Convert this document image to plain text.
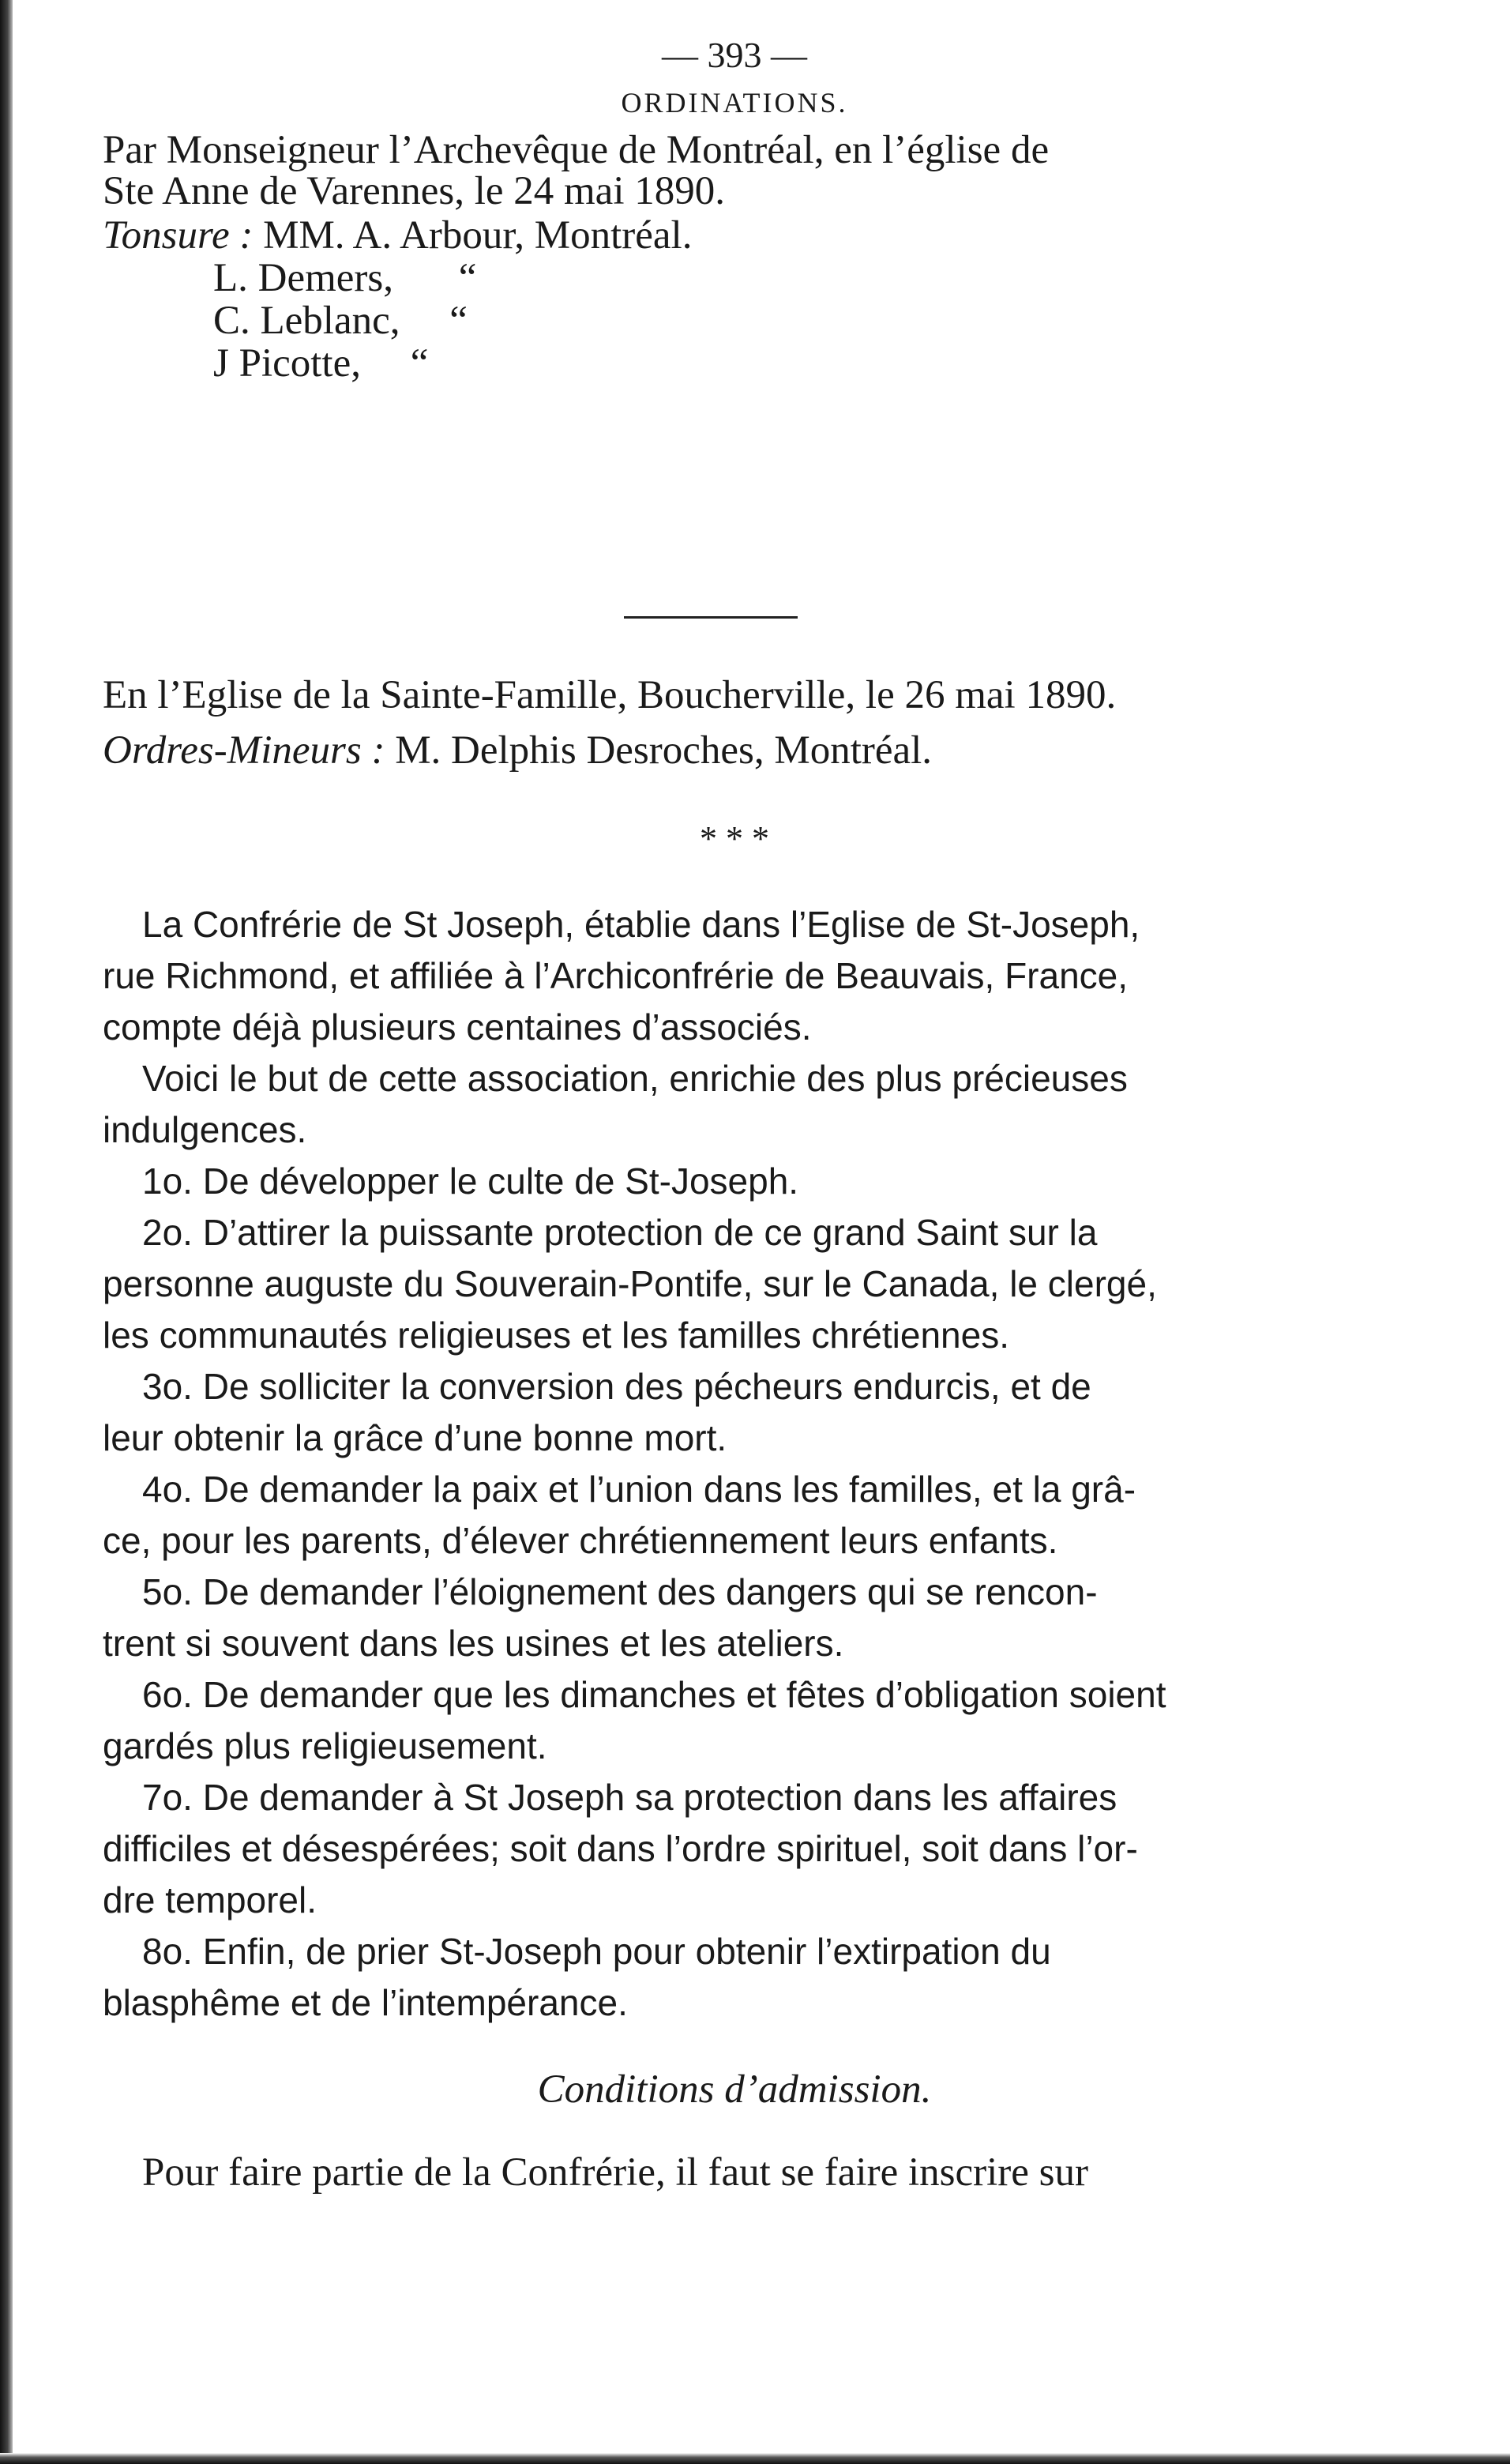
— 393 —
ORDINATIONS.
Par Monseigneur l’Archevêque de Montréal, en l’église de
Ste Anne de Varennes, le 24 mai 1890.
Tonsure : MM. A. Arbour, Montréal.
L. Demers, “
C. Leblanc, “
J Picotte, “
En l’Eglise de la Sainte-Famille, Boucherville, le 26 mai 1890.
Ordres-Mineurs : M. Delphis Desroches, Montréal.
* * *
La Confrérie de St Joseph, établie dans l’Eglise de St-Joseph,
rue Richmond, et affiliée à l’Archiconfrérie de Beauvais, France,
compte déjà plusieurs centaines d’associés.
Voici le but de cette association, enrichie des plus précieuses
indulgences.
1o. De développer le culte de St-Joseph.
2o. D’attirer la puissante protection de ce grand Saint sur la
personne auguste du Souverain-Pontife, sur le Canada, le clergé,
les communautés religieuses et les familles chrétiennes.
3o. De solliciter la conversion des pécheurs endurcis, et de
leur obtenir la grâce d’une bonne mort.
4o. De demander la paix et l’union dans les familles, et la grâ-
ce, pour les parents, d’élever chrétiennement leurs enfants.
5o. De demander l’éloignement des dangers qui se rencon-
trent si souvent dans les usines et les ateliers.
6o. De demander que les dimanches et fêtes d’obligation soient
gardés plus religieusement.
7o. De demander à St Joseph sa protection dans les affaires
difficiles et désespérées; soit dans l’ordre spirituel, soit dans l’or-
dre temporel.
8o. Enfin, de prier St-Joseph pour obtenir l’extirpation du
blasphême et de l’intempérance.
Conditions d’admission.
Pour faire partie de la Confrérie, il faut se faire inscrire sur
